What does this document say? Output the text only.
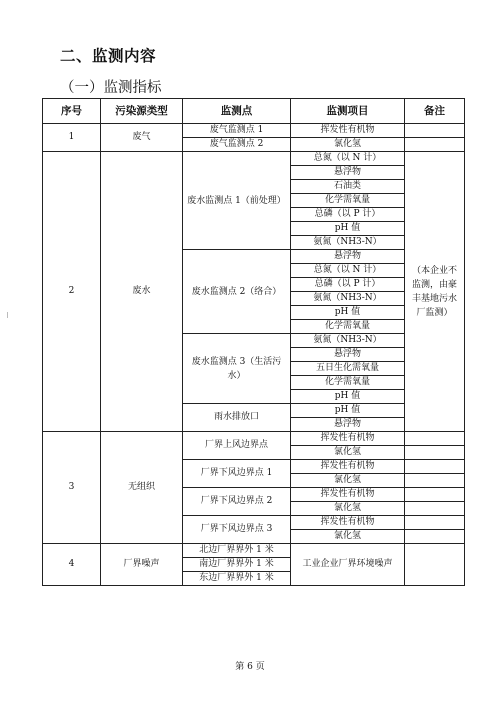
二、监测内容
（一）监测指标
序号	污染源类型	监测点	监测项目	备注
1	废气	废气监测点 1	挥发性有机物	
		废气监测点 2	氯化氢	
2	废水	废水监测点 1（前处理）	总氮（以 N 计）	（本企业不监测，由豪丰基地污水厂监测）
			悬浮物	
			石油类	
			化学需氧量	
			总磷（以 P 计）	
			pH 值	
			氨氮（NH3-N）	
		废水监测点 2（络合）	悬浮物	
			总氮（以 N 计）	
			总磷（以 P 计）	
			氨氮（NH3-N）	
			pH 值	
			化学需氧量	
		废水监测点 3（生活污水）	氨氮（NH3-N）	
			悬浮物	
			五日生化需氧量	
			化学需氧量	
			pH 值	
		雨水排放口	pH 值	
			悬浮物	
3	无组织	厂界上风边界点	挥发性有机物	
			氯化氢	
		厂界下风边界点 1	挥发性有机物	
			氯化氢	
		厂界下风边界点 2	挥发性有机物	
			氯化氢	
		厂界下风边界点 3	挥发性有机物	
			氯化氢	
4	厂界噪声	北边厂界界外 1 米	工业企业厂界环境噪声	
		南边厂界界外 1 米		
		东边厂界界外 1 米		
第 6 页
